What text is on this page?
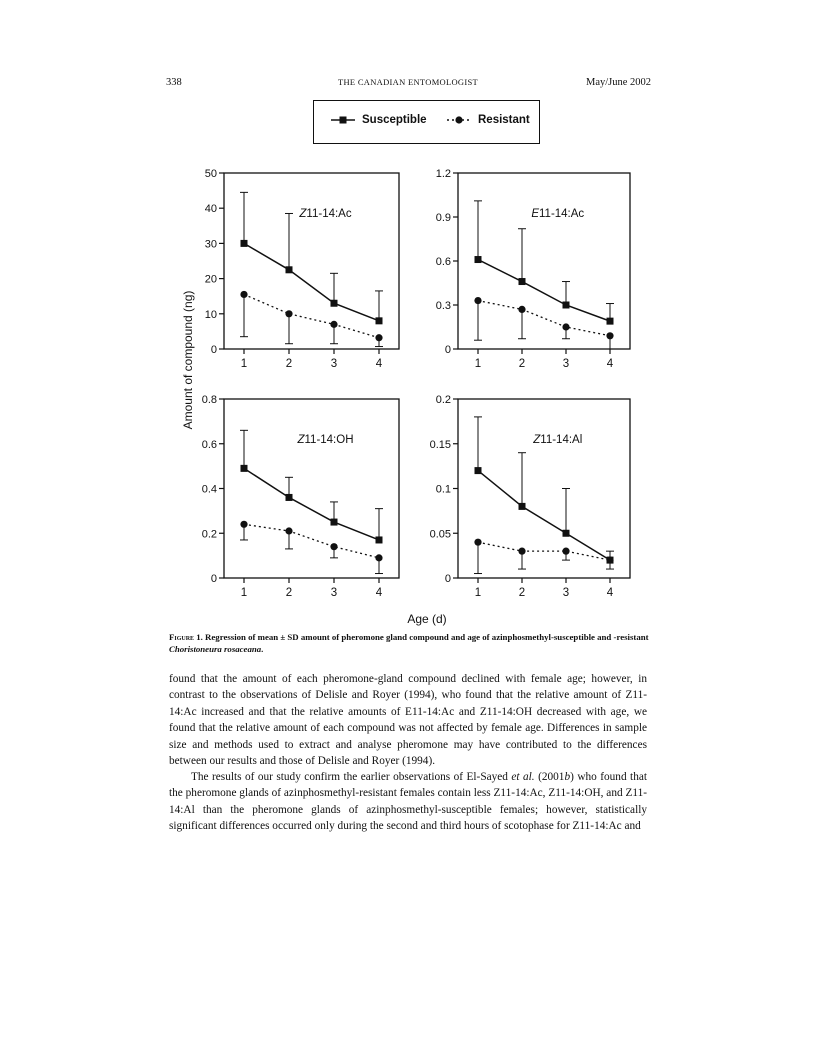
338	THE CANADIAN ENTOMOLOGIST	May/June 2002
Susceptible	Resistant
0
10
20
30
40
50
1	2	3	4
Z11-14:Ac
0
0.3
0.6
0.9
1.2
1	2	3	4
E11-14:Ac
0
0.2
0.4
0.6
0.8
1	2	3	4
Z11-14:OH
0
0.05
0.1
0.15
0.2
1	2	3	4
Z11-14:Al
Amount of compound (ng)
Age (d)
Figure 1. Regression of mean ± SD amount of pheromone gland compound and age of azinphosmethyl-susceptible and -resistant Choristoneura rosaceana.
found that the amount of each pheromone-gland compound declined with female age; however, in contrast to the observations of Delisle and Royer (1994), who found that the relative amount of Z11-14:Ac increased and that the relative amounts of E11-14:Ac and Z11-14:OH decreased with age, we found that the relative amount of each compound was not affected by female age. Differences in sample size and methods used to extract and analyse pheromone may have contributed to the differences between our results and those of Delisle and Royer (1994).
The results of our study confirm the earlier observations of El-Sayed et al. (2001b) who found that the pheromone glands of azinphosmethyl-resistant females contain less Z11-14:Ac, Z11-14:OH, and Z11-14:Al than the pheromone glands of azinphosmethyl-susceptible females; however, statistically significant differences occurred only during the second and third hours of scotophase for Z11-14:Ac and
